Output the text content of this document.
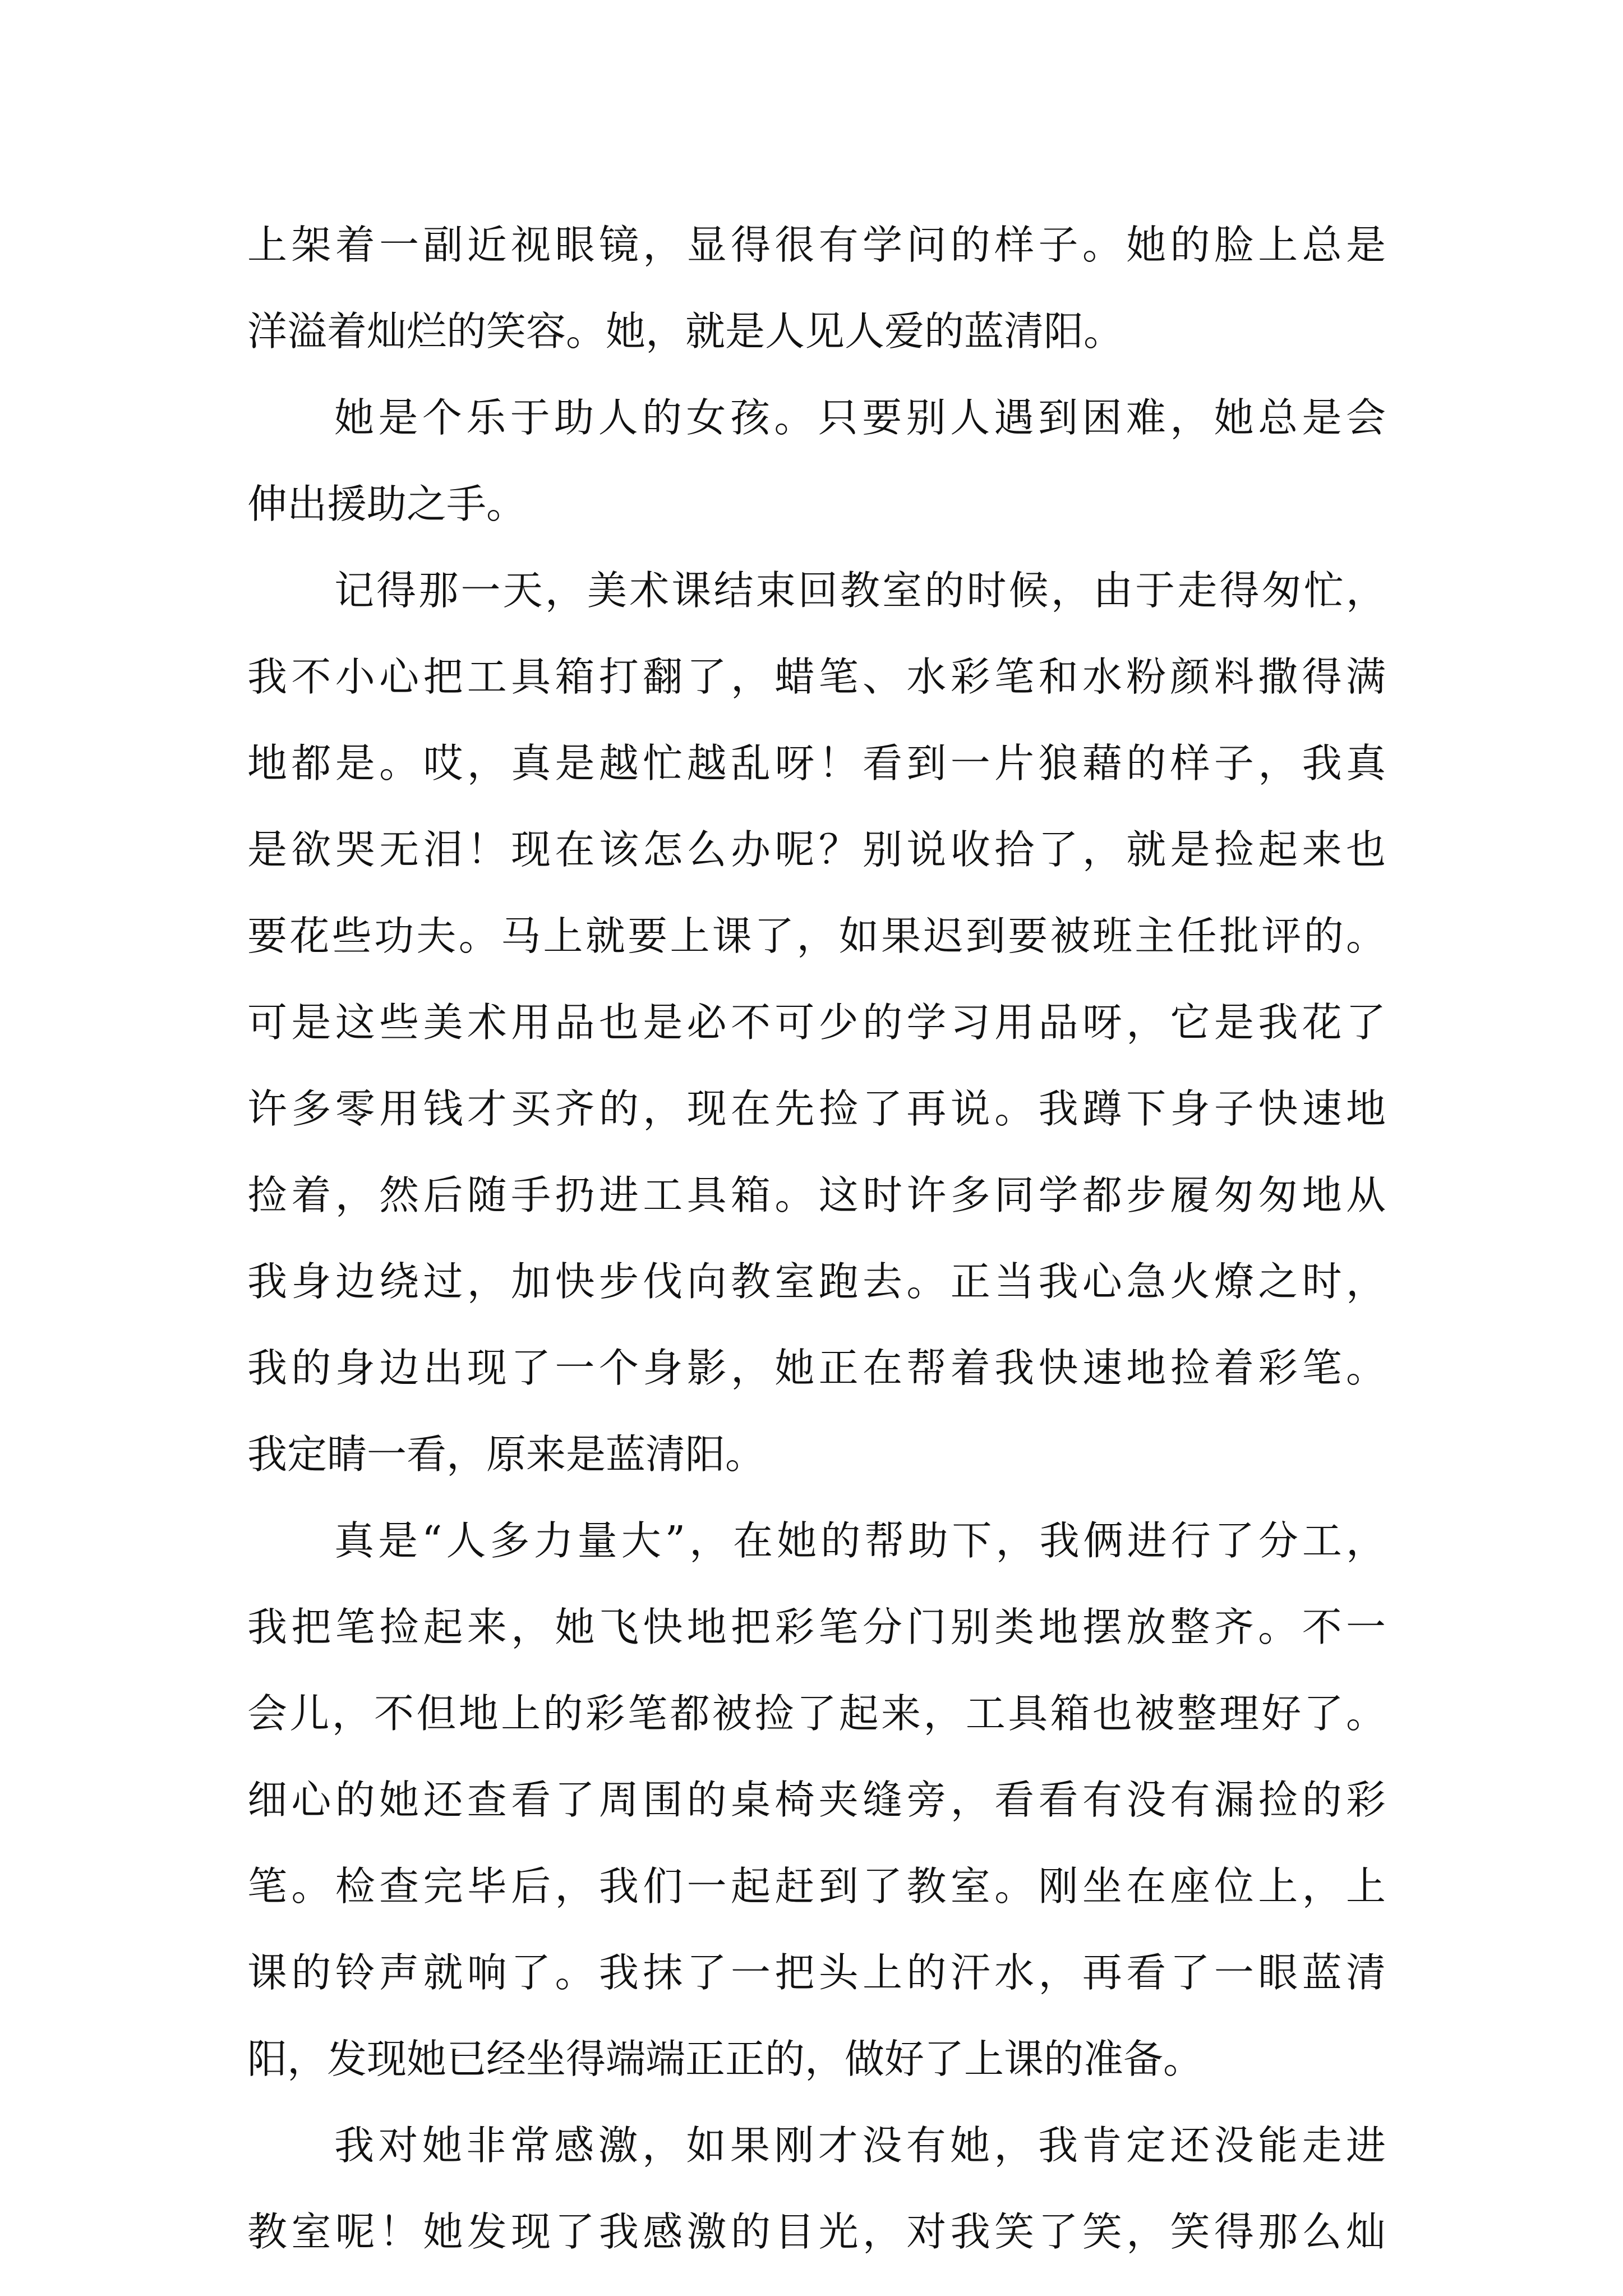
上架着一副近视眼镜，显得很有学问的样子。她的脸上总是
洋溢着灿烂的笑容。她，就是人见人爱的蓝清阳。
她是个乐于助人的女孩。只要别人遇到困难，她总是会
伸出援助之手。
记得那一天，美术课结束回教室的时候，由于走得匆忙，
我不小心把工具箱打翻了，蜡笔、水彩笔和水粉颜料撒得满
地都是。哎，真是越忙越乱呀！看到一片狼藉的样子，我真
是欲哭无泪！现在该怎么办呢？别说收拾了，就是捡起来也
要花些功夫。马上就要上课了，如果迟到要被班主任批评的。
可是这些美术用品也是必不可少的学习用品呀，它是我花了
许多零用钱才买齐的，现在先捡了再说。我蹲下身子快速地
捡着，然后随手扔进工具箱。这时许多同学都步履匆匆地从
我身边绕过，加快步伐向教室跑去。正当我心急火燎之时，
我的身边出现了一个身影，她正在帮着我快速地捡着彩笔。
我定睛一看，原来是蓝清阳。
真是“人多力量大”，在她的帮助下，我俩进行了分工，
我把笔捡起来，她飞快地把彩笔分门别类地摆放整齐。不一
会儿，不但地上的彩笔都被捡了起来，工具箱也被整理好了。
细心的她还查看了周围的桌椅夹缝旁，看看有没有漏捡的彩
笔。检查完毕后，我们一起赶到了教室。刚坐在座位上，上
课的铃声就响了。我抹了一把头上的汗水，再看了一眼蓝清
阳，发现她已经坐得端端正正的，做好了上课的准备。
我对她非常感激，如果刚才没有她，我肯定还没能走进
教室呢！她发现了我感激的目光，对我笑了笑，笑得那么灿
